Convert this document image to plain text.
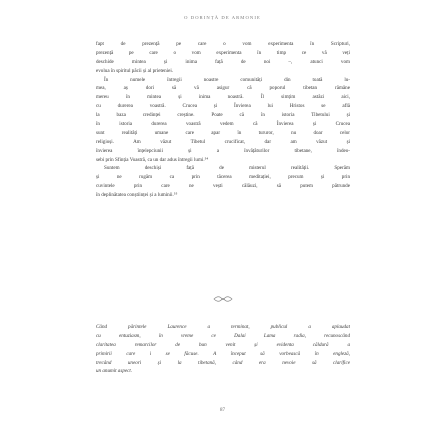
O DORINȚĂ DE ARMONIE
fapt de prezență pe care o vom experimenta în Scripturi,
prezență pe care o vom experimenta în timp ce vă veți
deschide mintea și inima față de noi –, atunci vom
evolua în spiritul păcii și al prieteniei.
În numele întregii noastre comunități din toată lu-
mea, aș dori să vă asigur că poporul tibetan rămâne
mereu în mintea și inima noastră. Îl simțim astăzi aici,
cu durerea voastră. Crucea și Învierea lui Hristos se află
la baza credinței creștine. Poate că în istoria Tibetului și
în istoria durerea voastră vedem că Învierea și Crucea
sunt realități umane care apar în tururor, nu doar celor
religioși. Am văzut Tibetul crucificat, dar am văzut și
învierea înțelepciunii și a învățăturilor tibetane, îndeo-
sebi prin Sfinția Voastră, ca un dar adus întregii lumi.⁵⁴
Suntem deschiși față de misterul realității. Sperăm
și ne rugăm ca prin tăcerea meditației, precum și prin
cuvintele prin care ne vești călăuzi, să putem pătrunde
în deplinătatea conștiinței și a luminii.⁵⁵
Când părintele Laurence a terminat, publicul a aplaudat
cu entuziasm, în vreme ce Dalai Lama radia, recunoscând
claritatea remarcilor de bun venit și evidenta căldură a
primirii care i se făcuse. A început să vorbească în engleză,
trecând uneori și la tibetană, când era nevoie să clarifice
un anumit aspect.
87
